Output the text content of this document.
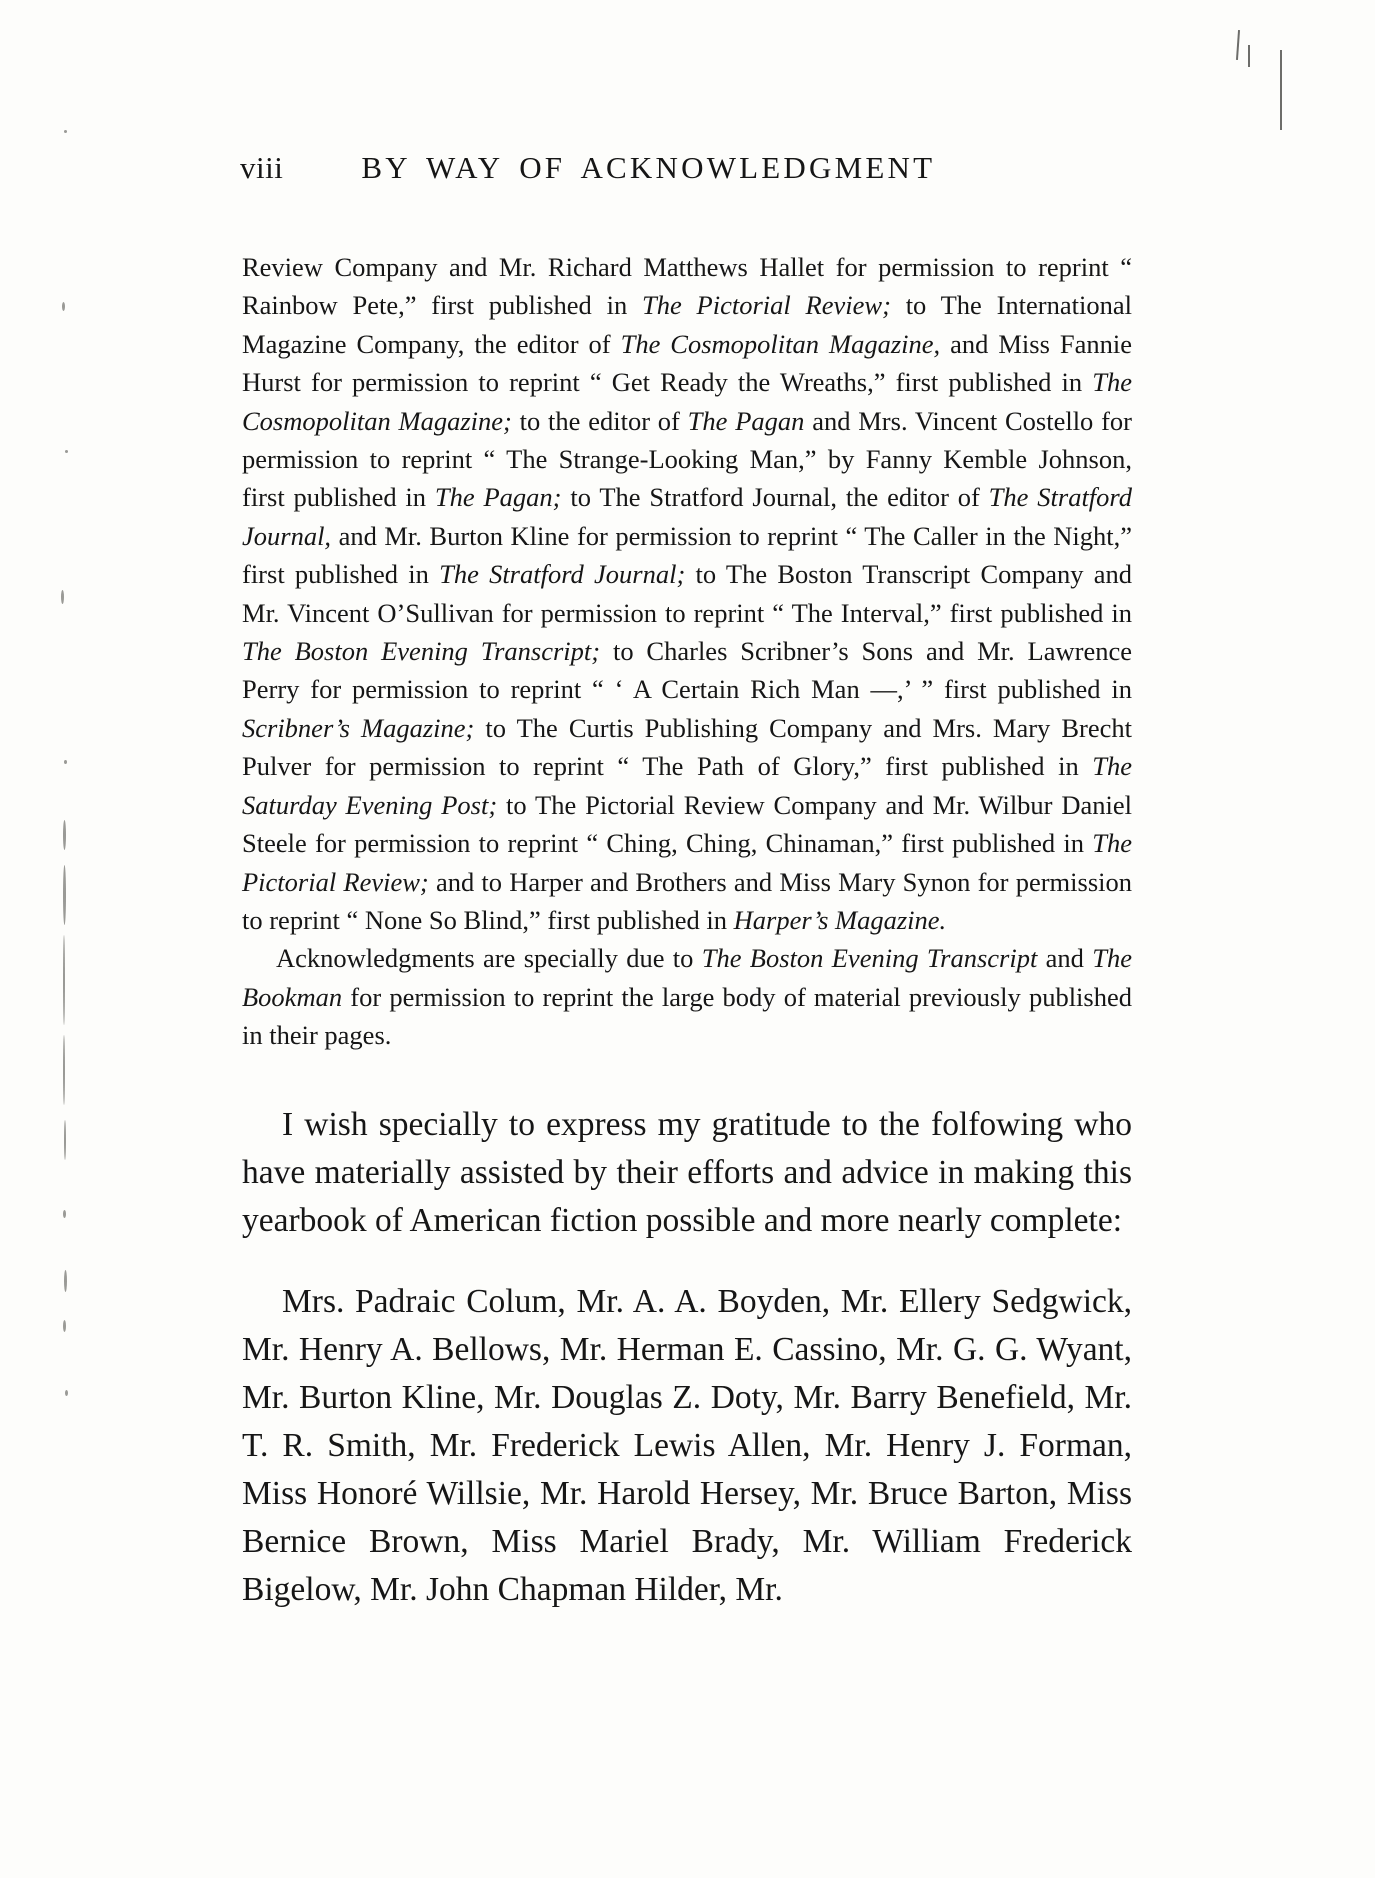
viii	BY WAY OF ACKNOWLEDGMENT

Review Company and Mr. Richard Matthews Hallet for permission to reprint “ Rainbow Pete,” first published in The Pictorial Review; to The International Magazine Company, the editor of The Cosmopolitan Magazine, and Miss Fannie Hurst for permission to reprint “ Get Ready the Wreaths,” first published in The Cosmopolitan Magazine; to the editor of The Pagan and Mrs. Vincent Costello for permission to reprint “ The Strange-Looking Man,” by Fanny Kemble Johnson, first published in The Pagan; to The Stratford Journal, the editor of The Stratford Journal, and Mr. Burton Kline for permission to reprint “ The Caller in the Night,” first published in The Stratford Journal; to The Boston Transcript Company and Mr. Vincent O’Sullivan for permission to reprint “ The Interval,” first published in The Boston Evening Transcript; to Charles Scribner’s Sons and Mr. Lawrence Perry for permission to reprint “ ‘ A Certain Rich Man —,’ ” first published in Scribner’s Magazine; to The Curtis Publishing Company and Mrs. Mary Brecht Pulver for permission to reprint “ The Path of Glory,” first published in The Saturday Evening Post; to The Pictorial Review Company and Mr. Wilbur Daniel Steele for permission to reprint “ Ching, Ching, Chinaman,” first published in The Pictorial Review; and to Harper and Brothers and Miss Mary Synon for permission to reprint “ None So Blind,” first published in Harper’s Magazine.

Acknowledgments are specially due to The Boston Evening Transcript and The Bookman for permission to reprint the large body of material previously published in their pages.

I wish specially to express my gratitude to the folfowing who have materially assisted by their efforts and advice in making this yearbook of American fiction possible and more nearly complete:

Mrs. Padraic Colum, Mr. A. A. Boyden, Mr. Ellery Sedgwick, Mr. Henry A. Bellows, Mr. Herman E. Cassino, Mr. G. G. Wyant, Mr. Burton Kline, Mr. Douglas Z. Doty, Mr. Barry Benefield, Mr. T. R. Smith, Mr. Frederick Lewis Allen, Mr. Henry J. Forman, Miss Honoré Willsie, Mr. Harold Hersey, Mr. Bruce Barton, Miss Bernice Brown, Miss Mariel Brady, Mr. William Frederick Bigelow, Mr. John Chapman Hilder, Mr.
